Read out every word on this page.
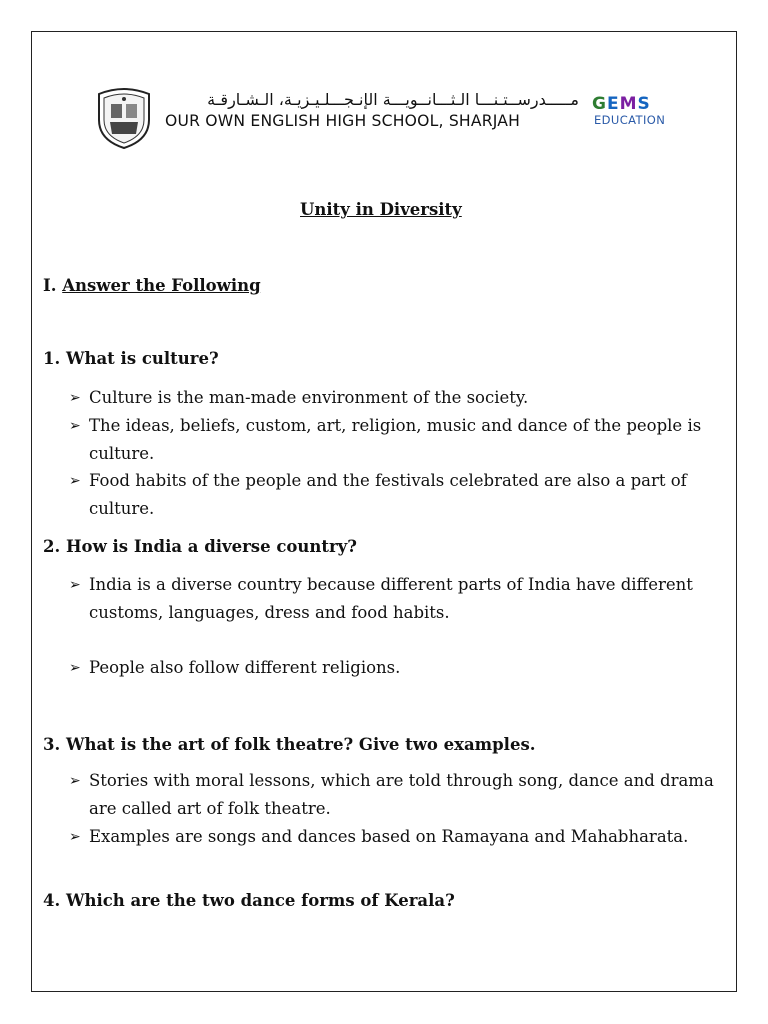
مـــــدرســتـنـــا الـثـــانــويـــة الإنـجـــلـيـزيـة، الـشـارقـة
OUR OWN ENGLISH HIGH SCHOOL, SHARJAH
GEMS
EDUCATION
Unity in Diversity
I. Answer the Following
1. What is culture?
➢ Culture is the man-made environment of the society.
➢ The ideas, beliefs, custom, art, religion, music and dance of the people is culture.
➢ Food habits of the people and the festivals celebrated are also a part of culture.
2. How is India a diverse country?
➢ India is a diverse country because different parts of India have different customs, languages, dress and food habits.
➢ People also follow different religions.
3. What is the art of folk theatre? Give two examples.
➢ Stories with moral lessons, which are told through song, dance and drama are called art of folk theatre.
➢ Examples are songs and dances based on Ramayana and Mahabharata.
4. Which are the two dance forms of Kerala?
